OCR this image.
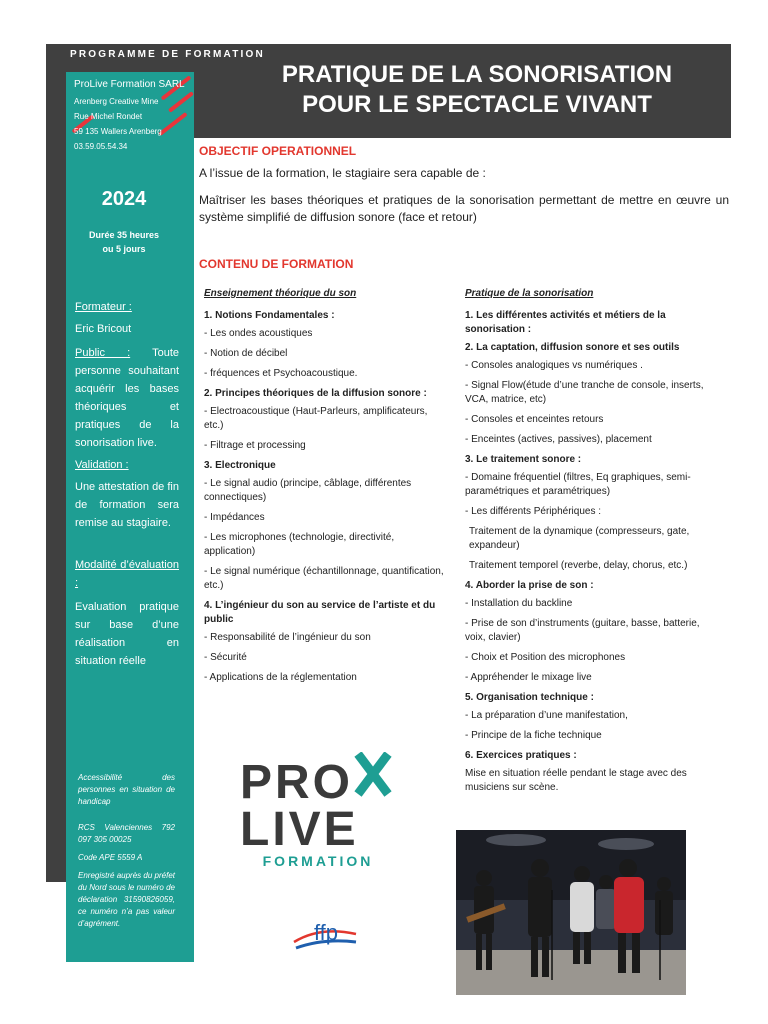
PROGRAMME DE FORMATION
PRATIQUE DE LA SONORISATION
POUR LE SPECTACLE VIVANT
ProLive Formation SARL
Arenberg Creative Mine
Rue Michel Rondet
59 135 Wallers Arenberg
03.59.05.54.34
2024
Durée 35 heures
ou 5 jours
Formateur :
Eric Bricout
Public : Toute personne souhaitant acquérir les bases théoriques et pratiques de la sonorisation live.
Validation :
Une attestation de fin de formation sera remise au stagiaire.
Modalité d’évaluation :
Evaluation pratique sur base d’une réalisation en situation réelle
Accessibilité des personnes en situation de handicap
RCS Valenciennes 792 097 305 00025
Code APE 5559 A
Enregistré auprès du préfet du Nord sous le numéro de déclaration 31590826059, ce numéro n’a pas valeur d’agrément.
OBJECTIF OPERATIONNEL
A l’issue de la formation, le stagiaire sera capable de :
Maîtriser les bases théoriques et pratiques de la sonorisation permettant de mettre en œuvre un système simplifié de diffusion sonore (face et retour)
CONTENU DE FORMATION
Enseignement théorique du son
1. Notions Fondamentales :
- Les ondes acoustiques
- Notion de décibel
- fréquences et Psychoacoustique.
2. Principes théoriques de la diffusion sonore :
- Electroacoustique (Haut-Parleurs, amplificateurs, etc.)
- Filtrage et processing
3. Electronique
- Le signal audio (principe, câblage, différentes connectiques)
- Impédances
- Les microphones (technologie, directivité, application)
- Le signal numérique (échantillonnage, quantification, etc.)
4. L’ingénieur du son au service de l’artiste et du public
- Responsabilité de l’ingénieur du son
- Sécurité
- Applications de la réglementation
Pratique de la sonorisation
1. Les différentes activités et métiers de la sonorisation :
2. La captation, diffusion sonore et ses outils
- Consoles analogiques vs numériques .
- Signal Flow(étude d’une tranche de console, inserts, VCA, matrice, etc)
- Consoles et enceintes retours
- Enceintes (actives, passives), placement
3. Le traitement sonore :
- Domaine fréquentiel (filtres, Eq graphiques, semi-paramétriques et paramétriques)
- Les différents Périphériques :
Traitement de la dynamique (compresseurs, gate, expandeur)
Traitement temporel (reverbe, delay, chorus, etc.)
4. Aborder la prise de son :
- Installation du backline
- Prise de son d’instruments (guitare, basse, batterie, voix, clavier)
- Choix et Position des microphones
- Appréhender le mixage live
5. Organisation technique :
- La préparation d’une manifestation,
- Principe de la fiche technique
6. Exercices pratiques :
Mise en situation réelle pendant le stage avec des musiciens sur scène.
PRO
LIVE
FORMATION
ffp
